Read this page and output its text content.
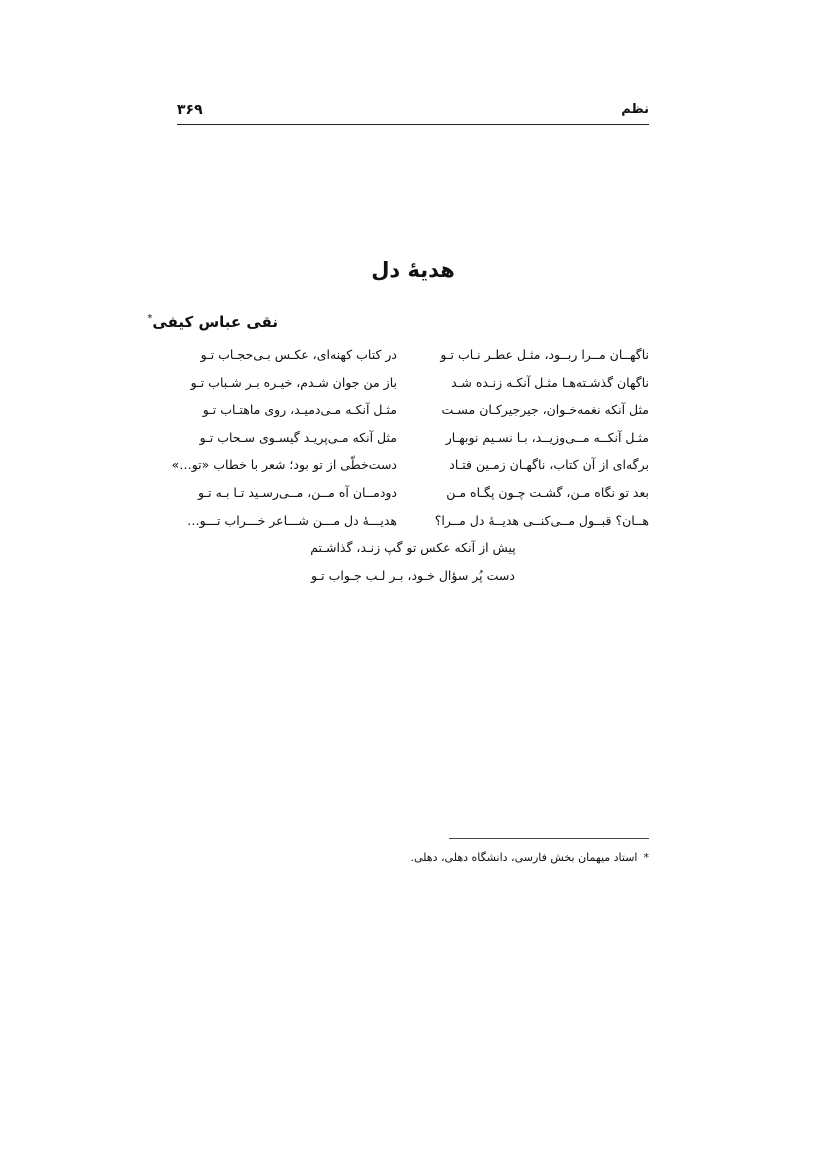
نظم
۳۶۹
هدیهٔ دل
نقی عباس کیفی*
ناگهــان مــرا ربــود، مثـل عطـر نـاب تـو
در کتاب کهنه‌ای، عکـس بـی‌حجـاب تـو
ناگهان گذشـته‌هـا مثـل آنکـه زنـده شـد
باز من جوان شـدم، خیـره بـر شـباب تـو
مثل آنکه نغمه‌خـوان، جیرجیرکـان مسـت
مثـل آنکـه مـی‌دمیـد، روی ماهتـاب تـو
مثـل آنکــه مــی‌وزیــد، بـا نسـیم نوبهـار
مثل آنکه مـی‌پریـد گیسـوی سـحاب تـو
برگه‌ای از آن کتاب، ناگهـان زمـین فتـاد
دست‌خطّی از تو بود؛ شعر با خطاب «تو…»
بعد تو نگاه مـن، گشـت چـون پگـاه مـن
دودمــان آه مــن، مــی‌رسـید تـا بـه تـو
هــان؟ قبــول مــی‌کنــی هدیــهٔ دل مــرا؟
هدیـــهٔ دل مـــن شـــاعر خـــراب تـــو…
پیش از آنکه عکس تو گپ زنـد، گذاشـتم
دست پُر سؤال خـود، بـر لـب جـواب تـو
*استاد میهمان بخش فارسی، دانشگاه دهلی، دهلی.
